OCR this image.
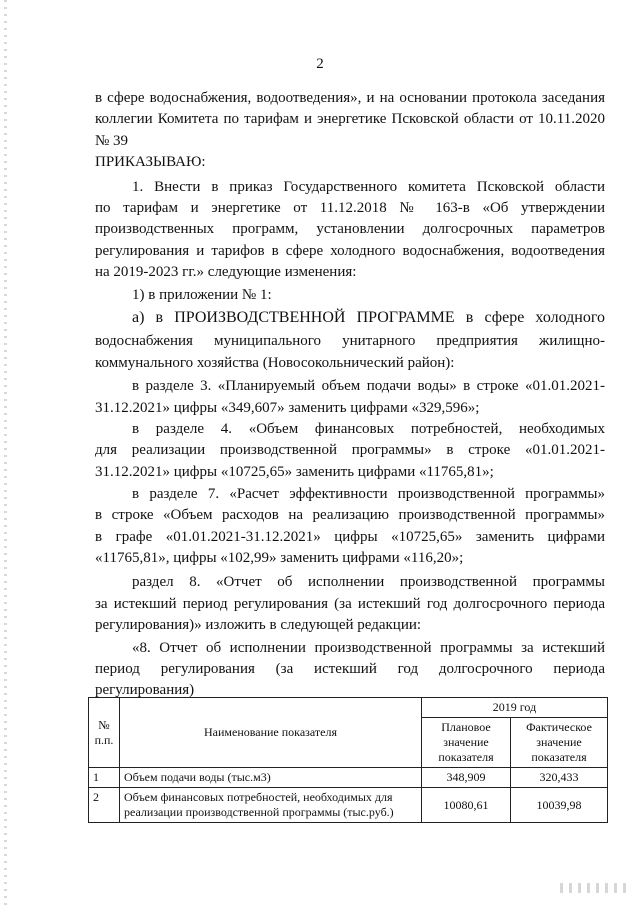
2
в сфере водоснабжения, водоотведения», и на основании протокола заседания
коллегии Комитета по тарифам и энергетике Псковской области от 10.11.2020
№ 39
ПРИКАЗЫВАЮ:
1. Внести в приказ Государственного комитета Псковской области
по тарифам и энергетике от 11.12.2018 № 163-в «Об утверждении
производственных программ, установлении долгосрочных параметров
регулирования и тарифов в сфере холодного водоснабжения, водоотведения
на 2019-2023 гг.» следующие изменения:
1) в приложении № 1:
а) в ПРОИЗВОДСТВЕННОЙ ПРОГРАММЕ в сфере холодного
водоснабжения муниципального унитарного предприятия жилищно-
коммунального хозяйства (Новосокольнический район):
в разделе 3. «Планируемый объем подачи воды» в строке «01.01.2021-
31.12.2021» цифры «349,607» заменить цифрами «329,596»;
в разделе 4. «Объем финансовых потребностей, необходимых
для реализации производственной программы» в строке «01.01.2021-
31.12.2021» цифры «10725,65» заменить цифрами «11765,81»;
в разделе 7. «Расчет эффективности производственной программы»
в строке «Объем расходов на реализацию производственной программы»
в графе «01.01.2021-31.12.2021» цифры «10725,65» заменить цифрами
«11765,81», цифры «102,99» заменить цифрами «116,20»;
раздел 8. «Отчет об исполнении производственной программы
за истекший период регулирования (за истекший год долгосрочного периода
регулирования)» изложить в следующей редакции:
«8. Отчет об исполнении производственной программы за истекший
период регулирования (за истекший год долгосрочного периода
регулирования)
№ п.п.	Наименование показателя	2019 год	
		Плановое значение показателя	Фактическое значение показателя
1	Объем подачи воды (тыс.м3)	348,909	320,433
2	Объем финансовых потребностей, необходимых для реализации производственной программы (тыс.руб.)	10080,61	10039,98
